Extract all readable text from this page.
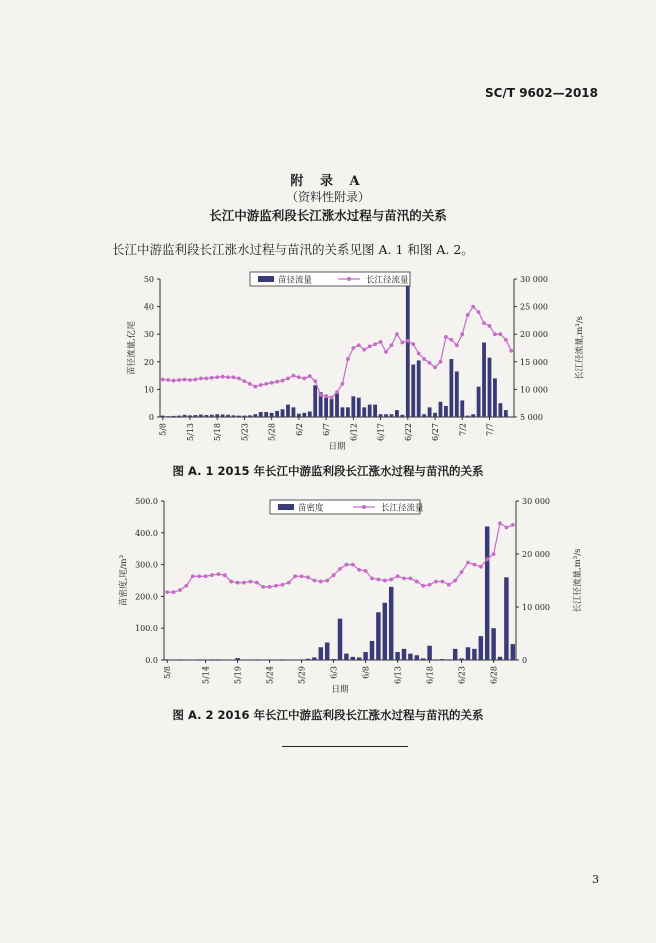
SC/T 9602—2018
附 录 A
（资料性附录）
长江中游监利段长江涨水过程与苗汛的关系
长江中游监利段长江涨水过程与苗汛的关系见图 A. 1 和图 A. 2。
0
10
20
30
40
50
5 000
10 000
15 000
20 000
25 000
30 000
5/8 5/13 5/18 5/23 5/28 6/2 6/7 6/12 6/17 6/22 6/27 7/2 7/7
日期
苗径流量,亿尾	长江径流量,m³/s
苗径流量	长江径流量
图 A. 1 2015 年长江中游监利段长江涨水过程与苗汛的关系
0.0
100.0
200.0
300.0
400.0
500.0
0
10 000
20 000
30 000
5/8	5/14	5/19	5/24	5/29	6/3	6/8	6/13	6/18	6/23	6/28
日期
苗密度,尾/m³	长江径流量,m³/s
苗密度	长江径流量
图 A. 2 2016 年长江中游监利段长江涨水过程与苗汛的关系
3
